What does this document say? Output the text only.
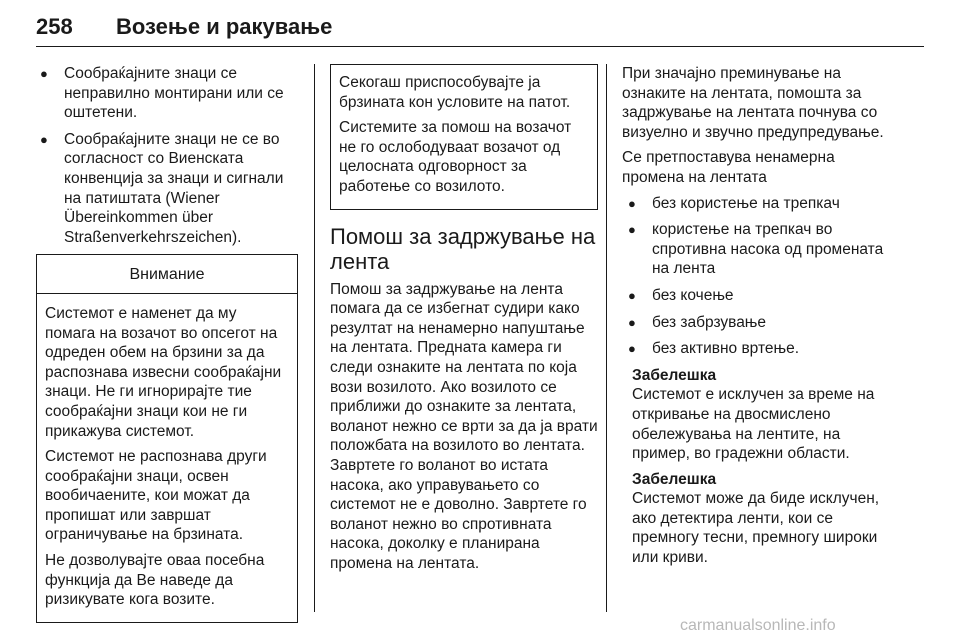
258 Возење и ракување
● Сообраќајните знаци се неправилно монтирани или се оштетени.
● Сообраќајните знаци не се во согласност со Виенската конвенција за знаци и сигнали на патиштата (Wiener Übereinkommen über Straßenverkehrszeichen).
Внимание

Системот е наменет да му помага на возачот во опсегот на одреден обем на брзини за да распознава извесни сообраќајни знаци. Не ги игнорирајте тие сообраќајни знаци кои не ги прикажува системот.

Системот не распознава други сообраќајни знаци, освен воoбичаените, кои можат да пропишат или завршат ограничување на брзината.

Не дозволувајте оваа посебна функција да Ве наведе да ризикувате кога возите.

Секогаш приспособувајте ја брзината кон условите на патот.

Системите за помош на возачот не го ослободуваат возачот од целосната одговорност за работење со возилото.

Помош за задржување на лента

Помош за задржување на лента помага да се избегнат судири како резултат на ненамерно напуштање на лентата. Предната камера ги следи ознаките на лентата по која вози возилото. Ако возилото се приближи до ознаките за лентата, воланот нежно се врти за да ја врати положбата на возилото во лентата. Завртете го воланот во истата насока, ако управувањето со системот не е доволно. Завртете го воланот нежно во спротивната насока, доколку е планирана промена на лентата.

При значајно преминување на ознаките на лентата, помошта за задржување на лентата почнува со визуелно и звучно предупредување.

Се претпоставува ненамерна промена на лентата

● без користење на трепкач
● користење на трепкач во спротивна насока од промената на лента
● без кочење
● без забрзување
● без активно вртење.
Забелешка

Системот е исклучен за време на откривање на двосмислено обележувања на лентите, на пример, во градежни области.

Забелешка

Системот може да биде исклучен, ако детектира ленти, кои се премногу тесни, премногу широки или криви.

carmanualsonline.info
